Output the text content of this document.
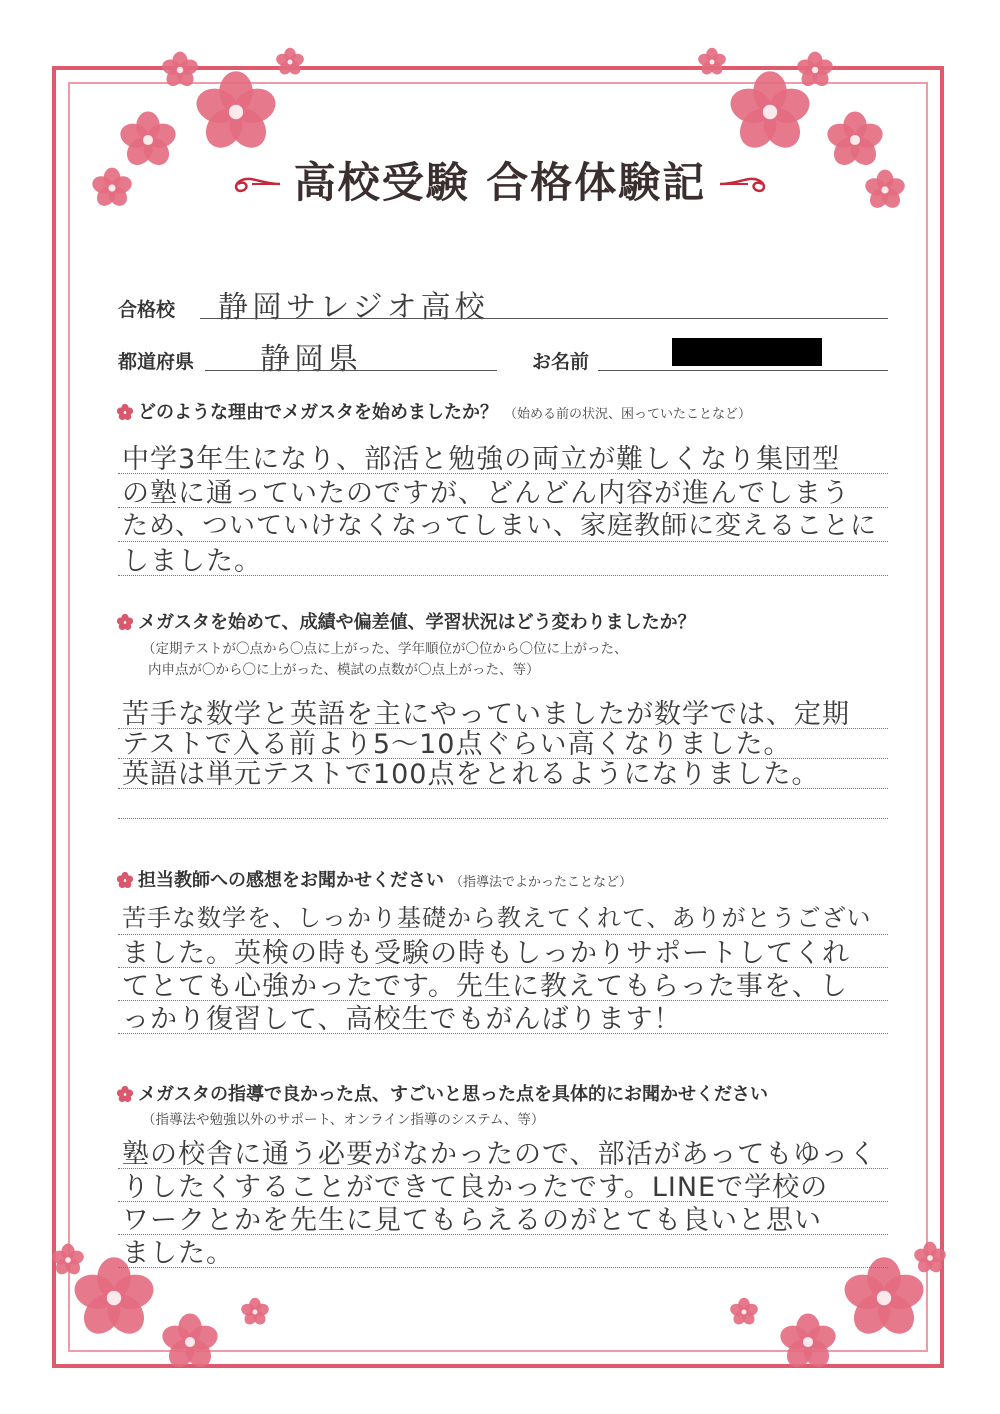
高校受験 合格体験記
合格校 静岡サレジオ高校
都道府県 静岡県	お名前
どのような理由でメガスタを始めましたか？ （始める前の状況、困っていたことなど）
中学3年生になり、部活と勉強の両立が難しくなり集団型
の塾に通っていたのですが、どんどん内容が進んでしまう
ため、ついていけなくなってしまい、家庭教師に変えることに
しました。
メガスタを始めて、成績や偏差値、学習状況はどう変わりましたか？
（定期テストが〇点から〇点に上がった、学年順位が〇位から〇位に上がった、
内申点が〇から〇に上がった、模試の点数が〇点上がった、等）
苦手な数学と英語を主にやっていましたが数学では、定期
テストで入る前より5～10点ぐらい高くなりました。
英語は単元テストで100点をとれるようになりました。
担当教師への感想をお聞かせください （指導法でよかったことなど）
苦手な数学を、しっかり基礎から教えてくれて、ありがとうござい
ました。英検の時も受験の時もしっかりサポートしてくれ
てとても心強かったです。先生に教えてもらった事を、し
っかり復習して、高校生でもがんばります！
メガスタの指導で良かった点、すごいと思った点を具体的にお聞かせください
（指導法や勉強以外のサポート、オンライン指導のシステム、等）
塾の校舎に通う必要がなかったので、部活があってもゆっく
りしたくすることができて良かったです。LINEで学校の
ワークとかを先生に見てもらえるのがとても良いと思い
ました。
